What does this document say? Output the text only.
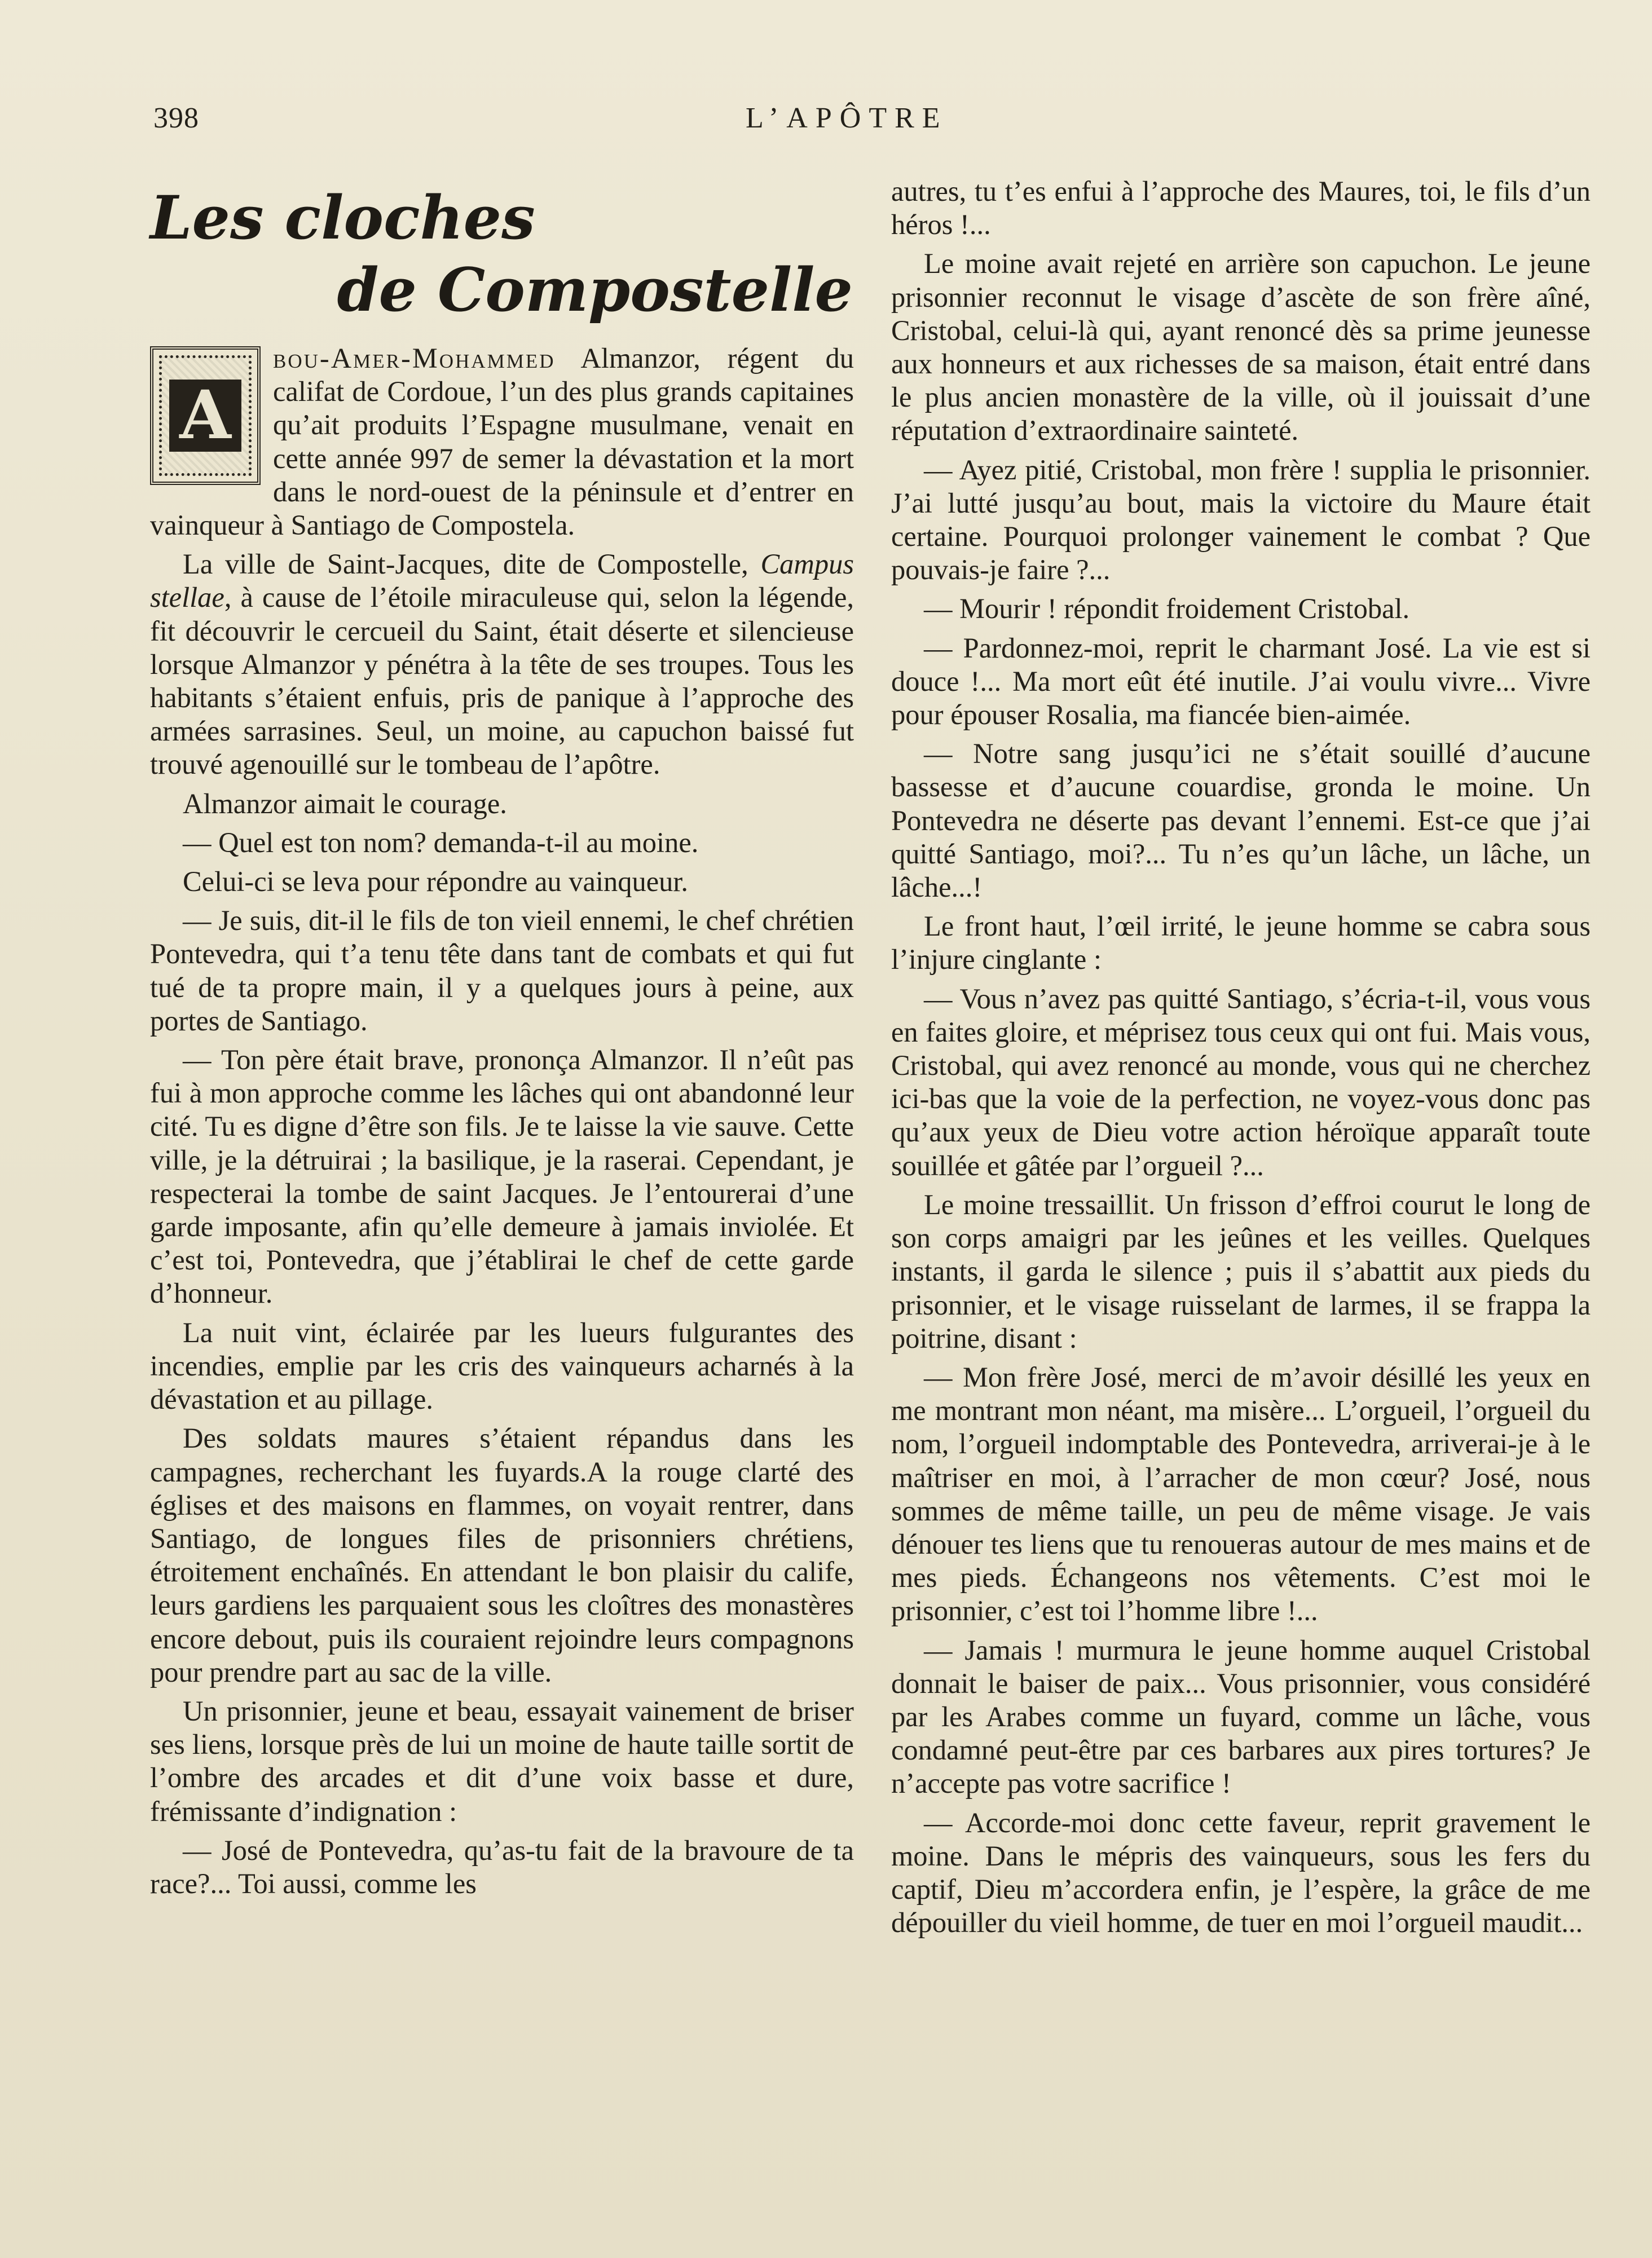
398	L’APÔTRE
Les cloches
de Compostelle

A
bou-Amer-Mohammed Almanzor, régent du califat de Cordoue, l’un des plus grands capitaines qu’ait produits l’Espagne musulmane, venait en cette année 997 de semer la dévastation et la mort dans le nord-ouest de la péninsule et d’entrer en vainqueur à Santiago de Compostela.

La ville de Saint-Jacques, dite de Compostelle, Campus stellae, à cause de l’étoile miraculeuse qui, selon la légende, fit découvrir le cercueil du Saint, était déserte et silencieuse lorsque Almanzor y pénétra à la tête de ses troupes. Tous les habitants s’étaient enfuis, pris de panique à l’approche des armées sarrasines. Seul, un moine, au capuchon baissé fut trouvé agenouillé sur le tombeau de l’apôtre.

Almanzor aimait le courage.

— Quel est ton nom? demanda-t-il au moine.

Celui-ci se leva pour répondre au vainqueur.

— Je suis, dit-il le fils de ton vieil ennemi, le chef chrétien Pontevedra, qui t’a tenu tête dans tant de combats et qui fut tué de ta propre main, il y a quelques jours à peine, aux portes de Santiago.

— Ton père était brave, prononça Almanzor. Il n’eût pas fui à mon approche comme les lâches qui ont abandonné leur cité. Tu es digne d’être son fils. Je te laisse la vie sauve. Cette ville, je la détruirai ; la basilique, je la raserai. Cependant, je respecterai la tombe de saint Jacques. Je l’entourerai d’une garde imposante, afin qu’elle demeure à jamais inviolée. Et c’est toi, Pontevedra, que j’établirai le chef de cette garde d’honneur.

La nuit vint, éclairée par les lueurs fulgurantes des incendies, emplie par les cris des vainqueurs acharnés à la dévastation et au pillage.

Des soldats maures s’étaient répandus dans les campagnes, recherchant les fuyards.A la rouge clarté des églises et des maisons en flammes, on voyait rentrer, dans Santiago, de longues files de prisonniers chrétiens, étroitement enchaînés. En attendant le bon plaisir du calife, leurs gardiens les parquaient sous les cloîtres des monastères encore debout, puis ils couraient rejoindre leurs compagnons pour prendre part au sac de la ville.

Un prisonnier, jeune et beau, essayait vainement de briser ses liens, lorsque près de lui un moine de haute taille sortit de l’ombre des arcades et dit d’une voix basse et dure, frémissante d’indignation :

— José de Pontevedra, qu’as-tu fait de la bravoure de ta race?... Toi aussi, comme les

autres, tu t’es enfui à l’approche des Maures, toi, le fils d’un héros !...

Le moine avait rejeté en arrière son capuchon. Le jeune prisonnier reconnut le visage d’ascète de son frère aîné, Cristobal, celui-là qui, ayant renoncé dès sa prime jeunesse aux honneurs et aux richesses de sa maison, était entré dans le plus ancien monastère de la ville, où il jouissait d’une réputation d’extraordinaire sainteté.

— Ayez pitié, Cristobal, mon frère ! supplia le prisonnier. J’ai lutté jusqu’au bout, mais la victoire du Maure était certaine. Pourquoi prolonger vainement le combat ? Que pouvais-je faire ?...

— Mourir ! répondit froidement Cristobal.

— Pardonnez-moi, reprit le charmant José. La vie est si douce !... Ma mort eût été inutile. J’ai voulu vivre... Vivre pour épouser Rosalia, ma fiancée bien-aimée.

— Notre sang jusqu’ici ne s’était souillé d’aucune bassesse et d’aucune couardise, gronda le moine. Un Pontevedra ne déserte pas devant l’ennemi. Est-ce que j’ai quitté Santiago, moi?... Tu n’es qu’un lâche, un lâche, un lâche...!

Le front haut, l’œil irrité, le jeune homme se cabra sous l’injure cinglante :

— Vous n’avez pas quitté Santiago, s’écria-t-il, vous vous en faites gloire, et méprisez tous ceux qui ont fui. Mais vous, Cristobal, qui avez renoncé au monde, vous qui ne cherchez ici-bas que la voie de la perfection, ne voyez-vous donc pas qu’aux yeux de Dieu votre action héroïque apparaît toute souillée et gâtée par l’orgueil ?...

Le moine tressaillit. Un frisson d’effroi courut le long de son corps amaigri par les jeûnes et les veilles. Quelques instants, il garda le silence ; puis il s’abattit aux pieds du prisonnier, et le visage ruisselant de larmes, il se frappa la poitrine, disant :

— Mon frère José, merci de m’avoir désillé les yeux en me montrant mon néant, ma misère... L’orgueil, l’orgueil du nom, l’orgueil indomptable des Pontevedra, arriverai-je à le maîtriser en moi, à l’arracher de mon cœur? José, nous sommes de même taille, un peu de même visage. Je vais dénouer tes liens que tu renoueras autour de mes mains et de mes pieds. Échangeons nos vêtements. C’est moi le prisonnier, c’est toi l’homme libre !...

— Jamais ! murmura le jeune homme auquel Cristobal donnait le baiser de paix... Vous prisonnier, vous considéré par les Arabes comme un fuyard, comme un lâche, vous condamné peut-être par ces barbares aux pires tortures? Je n’accepte pas votre sacrifice !

— Accorde-moi donc cette faveur, reprit gravement le moine. Dans le mépris des vainqueurs, sous les fers du captif, Dieu m’accordera enfin, je l’espère, la grâce de me dépouiller du vieil homme, de tuer en moi l’orgueil maudit...
